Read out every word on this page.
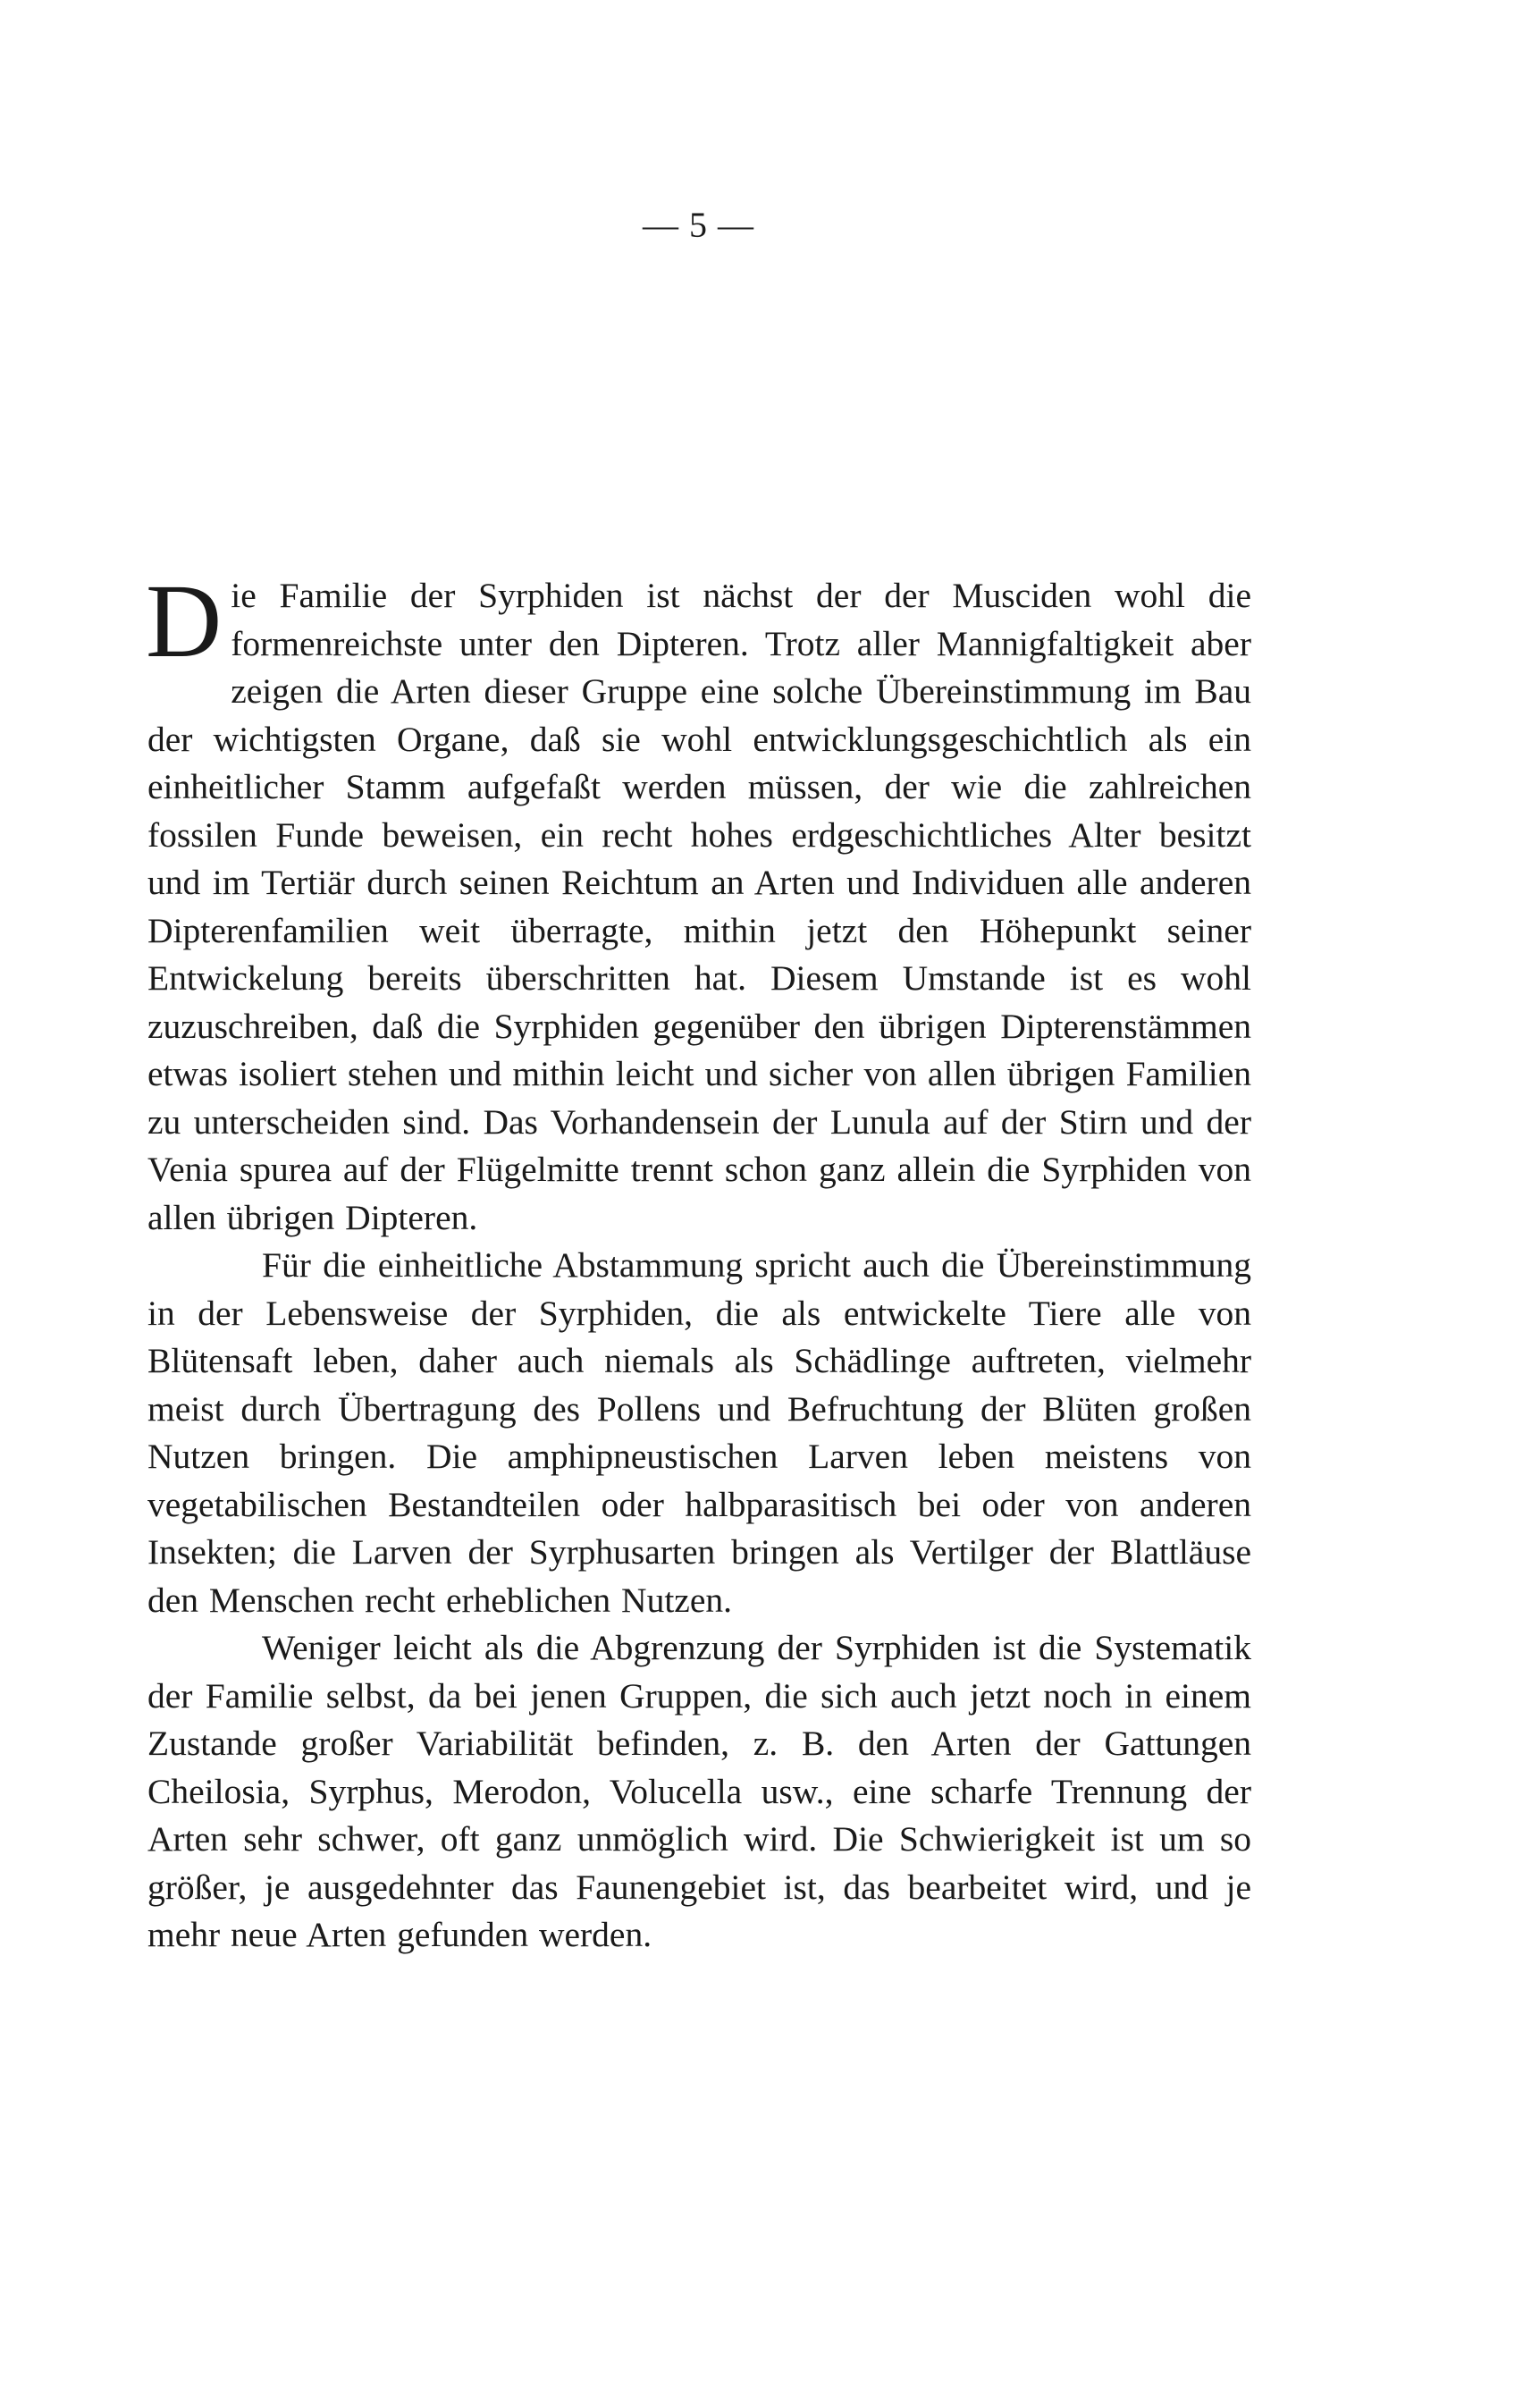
— 5 —

Die Familie der Syrphiden ist nächst der der Musciden wohl die formenreichste unter den Dipteren. Trotz aller Mannigfaltigkeit aber zeigen die Arten dieser Gruppe eine solche Übereinstimmung im Bau der wichtigsten Organe, daß sie wohl entwicklungsgeschichtlich als ein einheitlicher Stamm aufgefaßt werden müssen, der wie die zahlreichen fossilen Funde beweisen, ein recht hohes erdgeschichtliches Alter besitzt und im Tertiär durch seinen Reichtum an Arten und Individuen alle anderen Dipterenfamilien weit überragte, mithin jetzt den Höhepunkt seiner Entwickelung bereits überschritten hat. Diesem Umstande ist es wohl zuzuschreiben, daß die Syrphiden gegenüber den übrigen Dipterenstämmen etwas isoliert stehen und mithin leicht und sicher von allen übrigen Familien zu unterscheiden sind. Das Vorhandensein der Lunula auf der Stirn und der Venia spurea auf der Flügelmitte trennt schon ganz allein die Syrphiden von allen übrigen Dipteren.

Für die einheitliche Abstammung spricht auch die Übereinstimmung in der Lebensweise der Syrphiden, die als entwickelte Tiere alle von Blütensaft leben, daher auch niemals als Schädlinge auftreten, vielmehr meist durch Übertragung des Pollens und Befruchtung der Blüten großen Nutzen bringen. Die amphipneustischen Larven leben meistens von vegetabilischen Bestandteilen oder halbparasitisch bei oder von anderen Insekten; die Larven der Syrphusarten bringen als Vertilger der Blattläuse den Menschen recht erheblichen Nutzen.

Weniger leicht als die Abgrenzung der Syrphiden ist die Systematik der Familie selbst, da bei jenen Gruppen, die sich auch jetzt noch in einem Zustande großer Variabilität befinden, z. B. den Arten der Gattungen Cheilosia, Syrphus, Merodon, Volucella usw., eine scharfe Trennung der Arten sehr schwer, oft ganz unmöglich wird. Die Schwierigkeit ist um so größer, je ausgedehnter das Faunengebiet ist, das bearbeitet wird, und je mehr neue Arten gefunden werden.
